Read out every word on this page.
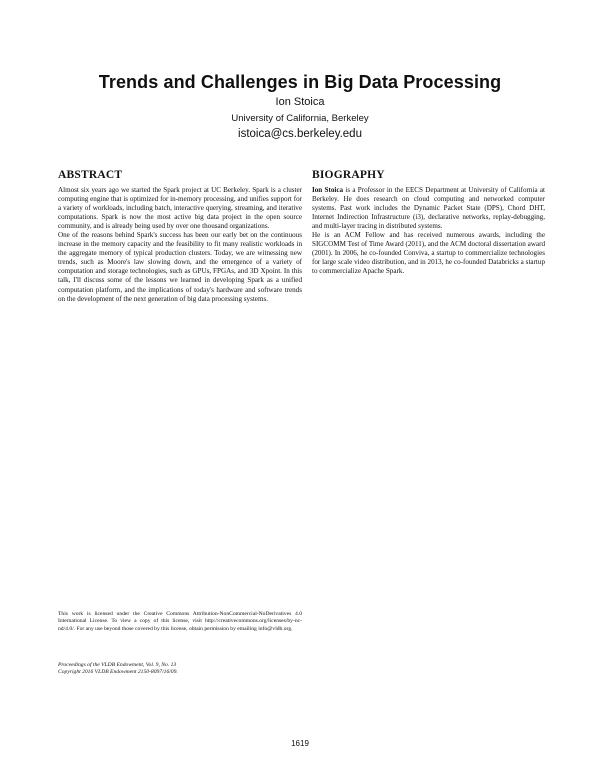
Trends and Challenges in Big Data Processing
Ion Stoica
University of California, Berkeley
istoica@cs.berkeley.edu
ABSTRACT

Almost six years ago we started the Spark project at UC Berkeley. Spark is a cluster computing engine that is optimized for in-memory processing, and unifies support for a variety of workloads, including batch, interactive querying, streaming, and iterative computations. Spark is now the most active big data project in the open source community, and is already being used by over one thousand organizations.

One of the reasons behind Spark's success has been our early bet on the continuous increase in the memory capacity and the feasibility to fit many realistic workloads in the aggregate memory of typical production clusters. Today, we are witnessing new trends, such as Moore's law slowing down, and the emergence of a variety of computation and storage technologies, such as GPUs, FPGAs, and 3D Xpoint. In this talk, I'll discuss some of the lessons we learned in developing Spark as a unified computation platform, and the implications of today's hardware and software trends on the development of the next generation of big data processing systems.

BIOGRAPHY

Ion Stoica is a Professor in the EECS Department at University of California at Berkeley. He does research on cloud computing and networked computer systems. Past work includes the Dynamic Packet State (DPS), Chord DHT, Internet Indirection Infrastructure (i3), declarative networks, replay-debugging, and multi-layer tracing in distributed systems.

He is an ACM Fellow and has received numerous awards, including the SIGCOMM Test of Time Award (2011), and the ACM doctoral dissertation award (2001). In 2006, he co-founded Conviva, a startup to commercialize technologies for large scale video distribution, and in 2013, he co-founded Databricks a startup to commercialize Apache Spark.

This work is licensed under the Creative Commons Attribution-NonCommercial-NoDerivatives 4.0 International License. To view a copy of this license, visit http://creativecommons.org/licenses/by-nc-nd/4.0/. For any use beyond those covered by this license, obtain permission by emailing info@vldb.org.

Proceedings of the VLDB Endowment, Vol. 9, No. 13

Copyright 2016 VLDB Endowment 2150-8097/16/09.

1619
